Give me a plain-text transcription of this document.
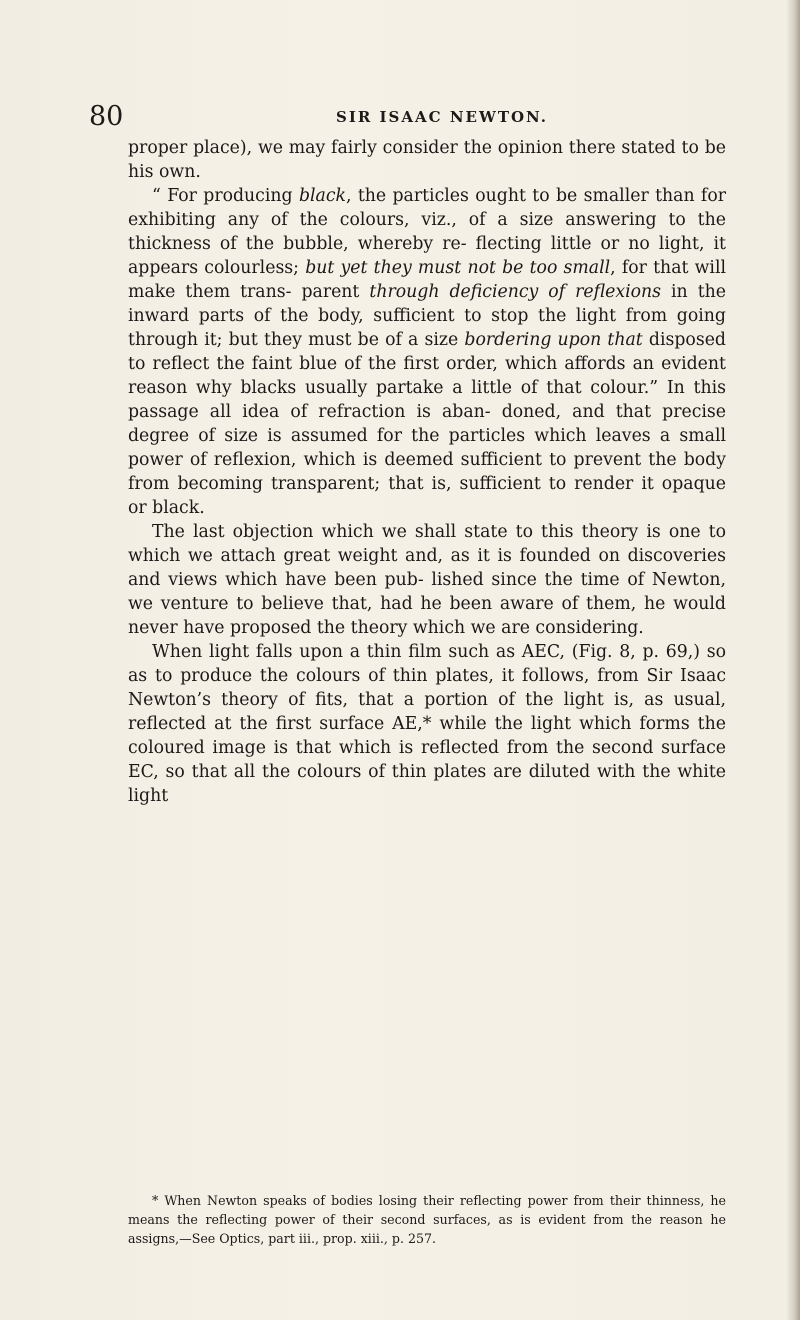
80	SIR ISAAC NEWTON.

proper place), we may fairly consider the opinion there stated to be his own.

“ For producing black, the particles ought to be smaller than for exhibiting any of the colours, viz., of a size answering to the thickness of the bubble, whereby re- flecting little or no light, it appears colourless; but yet they must not be too small, for that will make them trans- parent through deficiency of reflexions in the inward parts of the body, sufficient to stop the light from going through it; but they must be of a size bordering upon that disposed to reflect the faint blue of the first order, which affords an evident reason why blacks usually partake a little of that colour.” In this passage all idea of refraction is aban- doned, and that precise degree of size is assumed for the particles which leaves a small power of reflexion, which is deemed sufficient to prevent the body from becoming transparent; that is, sufficient to render it opaque or black.

The last objection which we shall state to this theory is one to which we attach great weight and, as it is founded on discoveries and views which have been pub- lished since the time of Newton, we venture to believe that, had he been aware of them, he would never have proposed the theory which we are considering.

When light falls upon a thin film such as AEC, (Fig. 8, p. 69,) so as to produce the colours of thin plates, it follows, from Sir Isaac Newton’s theory of fits, that a portion of the light is, as usual, reflected at the first surface AE,* while the light which forms the coloured image is that which is reflected from the second surface EC, so that all the colours of thin plates are diluted with the white light

* When Newton speaks of bodies losing their reflecting power from their thinness, he means the reflecting power of their second surfaces, as is evident from the reason he assigns,—See Optics, part iii., prop. xiii., p. 257.
